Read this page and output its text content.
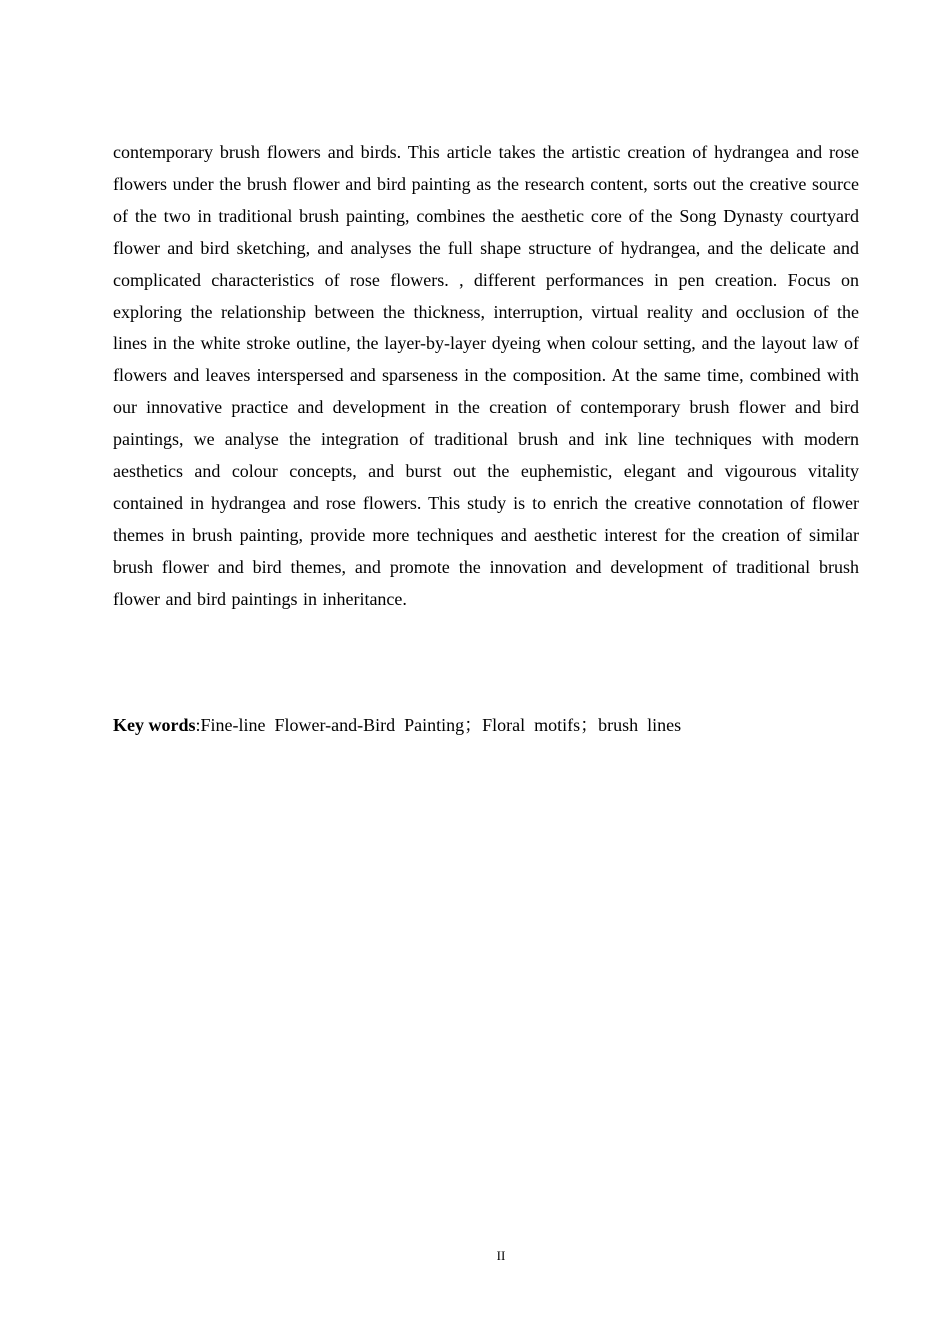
contemporary brush flowers and birds. This article takes the artistic creation of hydrangea and rose flowers under the brush flower and bird painting as the research content, sorts out the creative source of the two in traditional brush painting, combines the aesthetic core of the Song Dynasty courtyard flower and bird sketching, and analyses the full shape structure of hydrangea, and the delicate and complicated characteristics of rose flowers. , different performances in pen creation. Focus on exploring the relationship between the thickness, interruption, virtual reality and occlusion of the lines in the white stroke outline, the layer-by-layer dyeing when colour setting, and the layout law of flowers and leaves interspersed and sparseness in the composition. At the same time, combined with our innovative practice and development in the creation of contemporary brush flower and bird paintings, we analyse the integration of traditional brush and ink line techniques with modern aesthetics and colour concepts, and burst out the euphemistic, elegant and vigourous vitality contained in hydrangea and rose flowers. This study is to enrich the creative connotation of flower themes in brush painting, provide more techniques and aesthetic interest for the creation of similar brush flower and bird themes, and promote the innovation and development of traditional brush flower and bird paintings in inheritance.

Key words:Fine-line  Flower-and-Bird  Painting；Floral  motifs；brush  lines

II
